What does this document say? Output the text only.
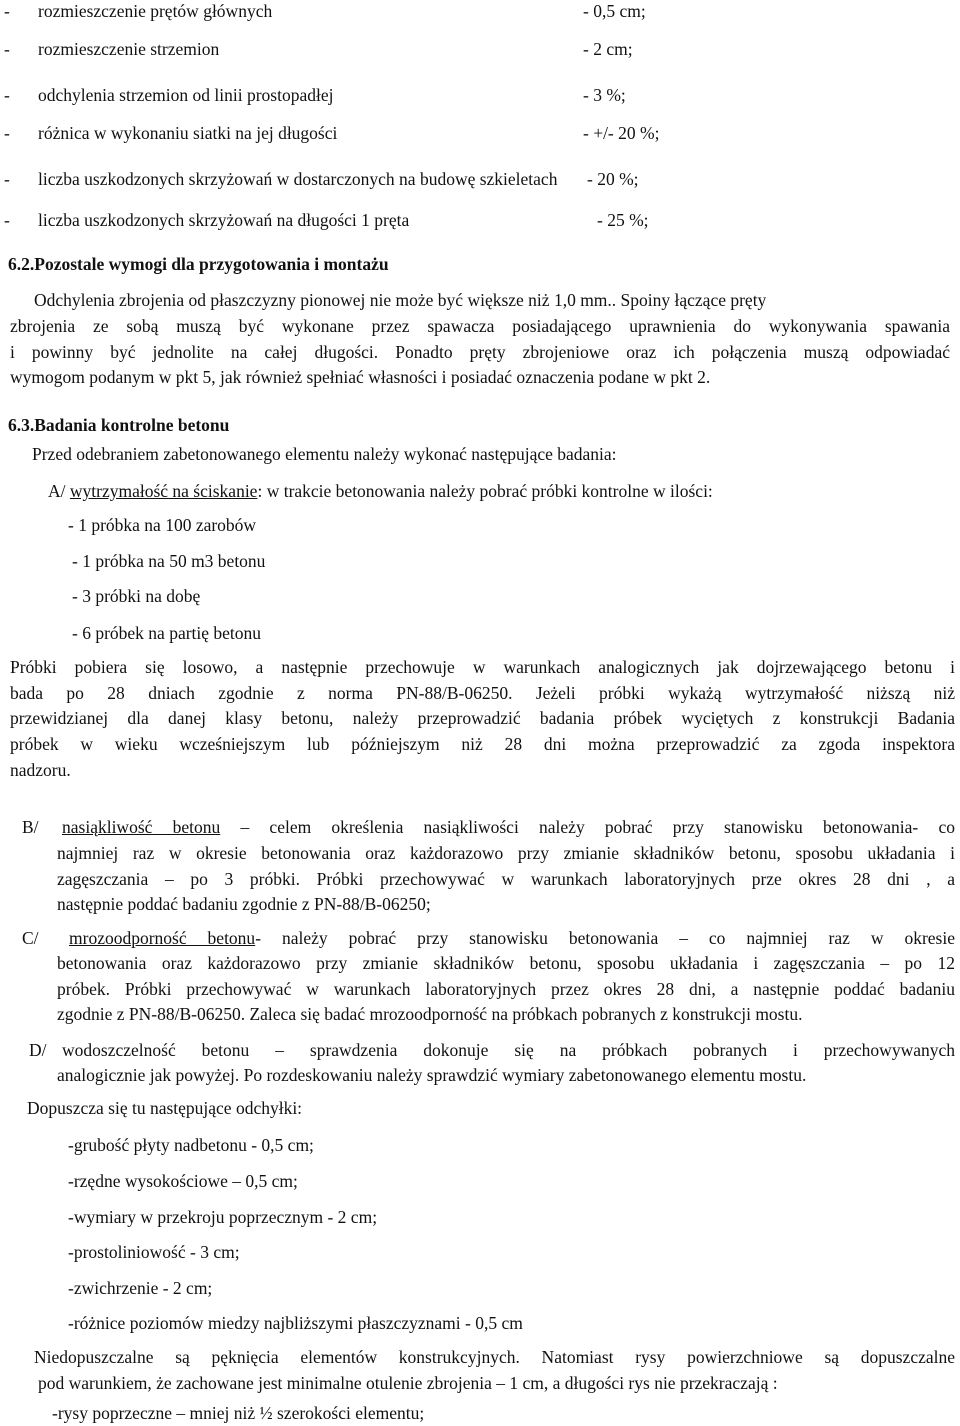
- rozmieszczenie prętów głównych	- 0,5 cm;
- rozmieszczenie strzemion	- 2 cm;
- odchylenia strzemion od linii prostopadłej	- 3 %;
- różnica w wykonaniu siatki na jej długości	- +/- 20 %;
- liczba uszkodzonych skrzyżowań w dostarczonych na budowę szkieletach - 20 %;
- liczba uszkodzonych skrzyżowań na długości 1 pręta	- 25 %;
6.2.Pozostale wymogi dla przygotowania i montażu
Odchylenia zbrojenia od płaszczyzny pionowej nie może być większe niż 1,0 mm.. Spoiny łączące pręty
zbrojenia ze sobą muszą być wykonane przez spawacza posiadającego uprawnienia do wykonywania spawania
i powinny być jednolite na całej długości. Ponadto pręty zbrojeniowe oraz ich połączenia muszą odpowiadać
wymogom podanym w pkt 5, jak również spełniać własności i posiadać oznaczenia podane w pkt 2.
6.3.Badania kontrolne betonu
Przed odebraniem zabetonowanego elementu należy wykonać następujące badania:
A/ wytrzymałość na ściskanie: w trakcie betonowania należy pobrać próbki kontrolne w ilości:
- 1 próbka na 100 zarobów
- 1 próbka na 50 m3 betonu
- 3 próbki na dobę
- 6 próbek na partię betonu
Próbki pobiera się losowo, a następnie przechowuje w warunkach analogicznych jak dojrzewającego betonu i
bada po 28 dniach zgodnie z norma PN-88/B-06250. Jeżeli próbki wykażą wytrzymałość niższą niż
przewidzianej dla danej klasy betonu, należy przeprowadzić badania próbek wyciętych z konstrukcji Badania
próbek w wieku wcześniejszym lub późniejszym niż 28 dni można przeprowadzić za zgoda inspektora
nadzoru.
B/ nasiąkliwość betonu – celem określenia nasiąkliwości należy pobrać przy stanowisku betonowania- co
najmniej raz w okresie betonowania oraz każdorazowo przy zmianie składników betonu, sposobu układania i
zagęszczania – po 3 próbki. Próbki przechowywać w warunkach laboratoryjnych prze okres 28 dni , a
następnie poddać badaniu zgodnie z PN-88/B-06250;
C/ mrozoodporność betonu- należy pobrać przy stanowisku betonowania – co najmniej raz w okresie
betonowania oraz każdorazowo przy zmianie składników betonu, sposobu układania i zagęszczania – po 12
próbek. Próbki przechowywać w warunkach laboratoryjnych przez okres 28 dni, a następnie poddać badaniu
zgodnie z PN-88/B-06250. Zaleca się badać mrozoodporność na próbkach pobranych z konstrukcji mostu.
D/ wodoszczelność betonu – sprawdzenia dokonuje się na próbkach pobranych i przechowywanych
analogicznie jak powyżej. Po rozdeskowaniu należy sprawdzić wymiary zabetonowanego elementu mostu.
Dopuszcza się tu następujące odchyłki:
-grubość płyty nadbetonu - 0,5 cm;
-rzędne wysokościowe – 0,5 cm;
-wymiary w przekroju poprzecznym - 2 cm;
-prostoliniowość - 3 cm;
-zwichrzenie - 2 cm;
-różnice poziomów miedzy najbliższymi płaszczyznami - 0,5 cm
Niedopuszczalne są pęknięcia elementów konstrukcyjnych. Natomiast rysy powierzchniowe są dopuszczalne
pod warunkiem, że zachowane jest minimalne otulenie zbrojenia – 1 cm, a długości rys nie przekraczają :
-rysy poprzeczne – mniej niż ½ szerokości elementu;
